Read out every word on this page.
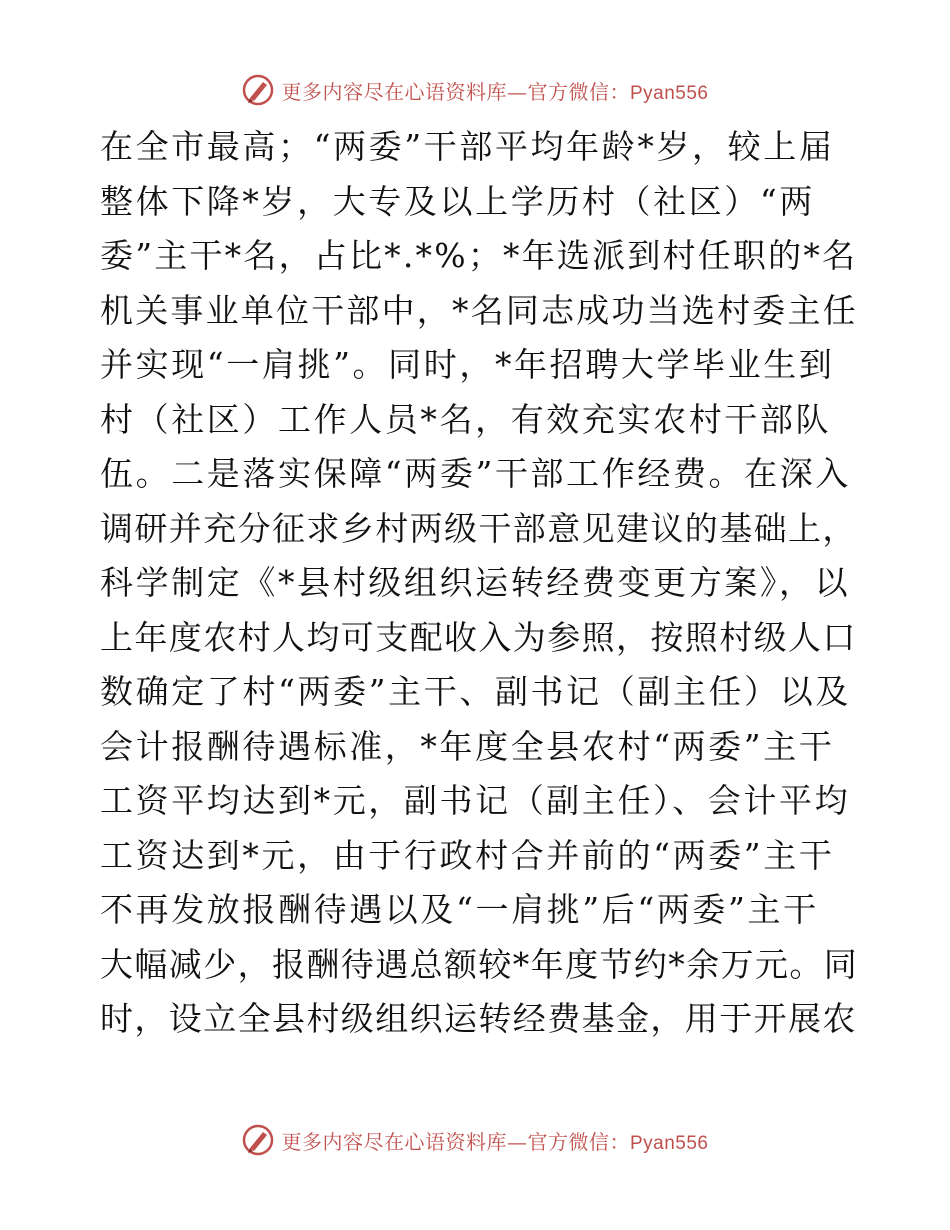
更多内容尽在心语资料库—官方微信：Pyan556
在全市最高；“两委”干部平均年龄*岁，较上届
整体下降*岁，大专及以上学历村（社区）“两
委”主干*名，占比*.*%；*年选派到村任职的*名
机关事业单位干部中，*名同志成功当选村委主任
并实现“一肩挑”。同时，*年招聘大学毕业生到
村（社区）工作人员*名，有效充实农村干部队
伍。二是落实保障“两委”干部工作经费。在深入
调研并充分征求乡村两级干部意见建议的基础上，
科学制定《*县村级组织运转经费变更方案》，以
上年度农村人均可支配收入为参照，按照村级人口
数确定了村“两委”主干、副书记（副主任）以及
会计报酬待遇标准，*年度全县农村“两委”主干
工资平均达到*元，副书记（副主任）、会计平均
工资达到*元，由于行政村合并前的“两委”主干
不再发放报酬待遇以及“一肩挑”后“两委”主干
大幅减少，报酬待遇总额较*年度节约*余万元。同
时，设立全县村级组织运转经费基金，用于开展农
更多内容尽在心语资料库—官方微信：Pyan556
